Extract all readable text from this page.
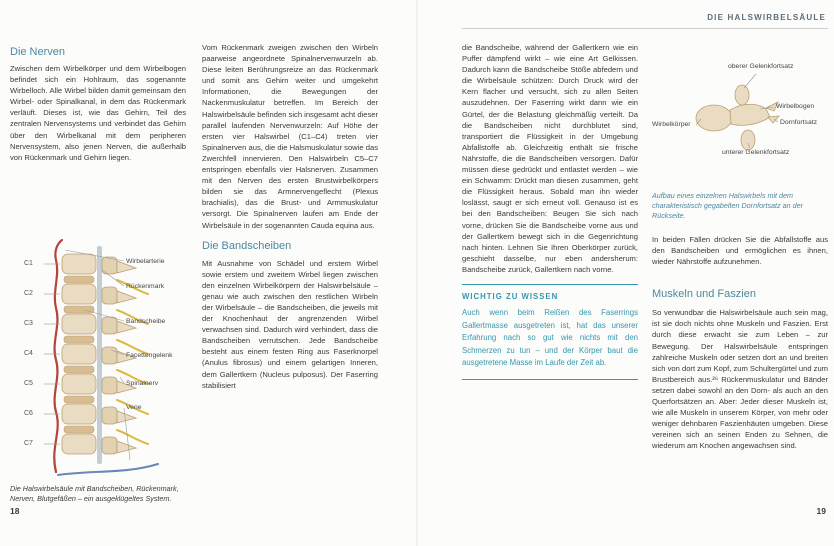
DIE HALSWIRBELSÄULE
Die Nerven

Zwischen dem Wirbelkörper und dem Wirbelbogen befindet sich ein Hohlraum, das sogenannte Wirbelloch. Alle Wirbel bilden damit gemeinsam den Wirbel- oder Spinalkanal, in dem das Rückenmark verläuft. Dieses ist, wie das Gehirn, Teil des zentralen Nervensystems und verbindet das Gehirn über den Wirbelkanal mit dem peripheren Nervensystem, also jenen Nerven, die außerhalb von Rückenmark und Gehirn liegen.

C1
C2
C3
C4
C5
C6
C7
Wirbelarterie
Rückenmark
Bandscheibe
Facettengelenk
Spinalnerv
Vene

Die Halswirbelsäule mit Bandscheiben, Rückenmark, Nerven, Blutgefäßen – ein ausgeklügeltes System.

Vom Rückenmark zweigen zwischen den Wirbeln paarweise angeordnete Spinalnervenwurzeln ab. Diese leiten Berührungsreize an das Rückenmark und somit ans Gehirn weiter und umgekehrt Informationen, die Bewegungen der Nackenmuskulatur betreffen. Im Bereich der Halswirbelsäule befinden sich insgesamt acht dieser parallel laufenden Nervenwurzeln: Auf Höhe der ersten vier Halswirbel (C1–C4) treten vier Spinalnerven aus, die die Halsmuskulatur sowie das Zwerchfell innervieren. Den Halswirbeln C5–C7 entspringen ebenfalls vier Halsnerven. Zusammen mit den Nerven des ersten Brustwirbelkörpers bilden sie das Armnervengeflecht (Plexus brachialis), das die Brust- und Armmuskulatur versorgt. Die Spinalnerven laufen am Ende der Wirbelsäule in der sogenannten Cauda equina aus.

Die Bandscheiben

Mit Ausnahme von Schädel und erstem Wirbel sowie erstem und zweitem Wirbel liegen zwischen den einzelnen Wirbelkörpern der Halswirbelsäule – genau wie auch zwischen den restlichen Wirbeln der Wirbelsäule – die Bandscheiben, die jeweils mit der Knochenhaut der angrenzenden Wirbel verwachsen sind. Dadurch wird verhindert, dass die Bandscheiben verrutschen. Jede Bandscheibe besteht aus einem festen Ring aus Faserknorpel (Anulus fibrosus) und einem gelartigen Inneren, dem Gallertkern (Nucleus pulposus). Der Faserring stabilisiert

18

die Bandscheibe, während der Gallertkern wie ein Puffer dämpfend wirkt – wie eine Art Gelkissen. Dadurch kann die Bandscheibe Stöße abfedern und die Wirbelsäule schützen: Durch Druck wird der Kern flacher und versucht, sich zu allen Seiten auszudehnen. Der Faserring wirkt dann wie ein Gürtel, der die Belastung gleichmäßig verteilt. Da die Bandscheiben nicht durchblutet sind, transportiert die Flüssigkeit in der Umgebung Abfallstoffe ab. Gleichzeitig enthält sie frische Nährstoffe, die die Bandscheiben versorgen. Dafür müssen diese gedrückt und entlastet werden – wie ein Schwamm: Drückt man diesen zusammen, geht die Flüssigkeit heraus. Sobald man ihn wieder loslässt, saugt er sich erneut voll. Genauso ist es bei den Bandscheiben: Beugen Sie sich nach vorne, drücken Sie die Bandscheibe vorne aus und der Gallertkern bewegt sich in die Gegenrichtung nach hinten. Lehnen Sie Ihren Oberkörper zurück, geschieht dasselbe, nur eben andersherum: Bandscheibe zurück, Gallertkern nach vorne.

WICHTIG ZU WISSEN

Auch wenn beim Reißen des Faserrings Gallertmasse ausgetreten ist, hat das unserer Erfahrung nach so gut wie nichts mit den Schmerzen zu tun – und der Körper baut die ausgetretene Masse im Laufe der Zeit ab.

oberer Gelenkfortsatz
Wirbelbogen
Dornfortsatz
Wirbelkörper
unterer Gelenkfortsatz

Aufbau eines einzelnen Halswirbels mit dem charakteristisch gegabelten Dornfortsatz an der Rückseite.

In beiden Fällen drücken Sie die Abfallstoffe aus den Bandscheiben und ermöglichen es ihnen, wieder Nährstoffe aufzunehmen.

Muskeln und Faszien

So verwundbar die Halswirbelsäule auch sein mag, ist sie doch nichts ohne Muskeln und Faszien. Erst durch diese erwacht sie zum Leben – zur Bewegung. Der Halswirbelsäule entspringen zahlreiche Muskeln oder setzen dort an und breiten sich von dort zum Kopf, zum Schultergürtel und zum Brustbereich aus.²⁶ Rückenmuskulatur und Bänder setzen dabei sowohl an den Dorn- als auch an den Querfortsätzen an. Aber: Jeder dieser Muskeln ist, wie alle Muskeln in unserem Körper, von mehr oder weniger dehnbaren Faszienhäuten umgeben. Diese vereinen sich an seinen Enden zu Sehnen, die wiederum am Knochen angewachsen sind.

19
